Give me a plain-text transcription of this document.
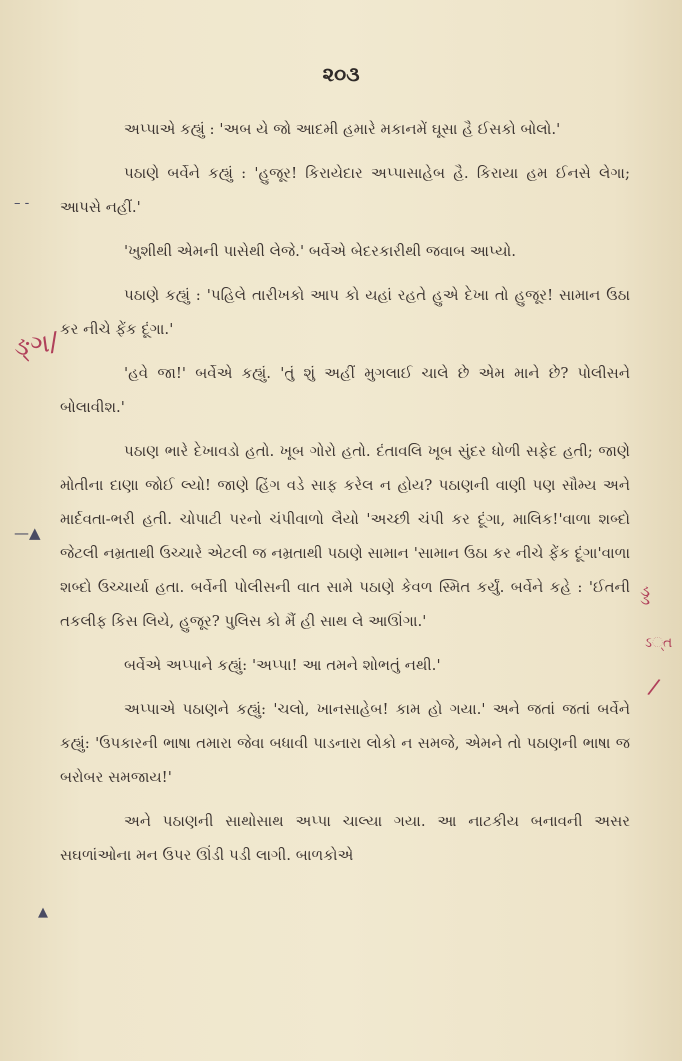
૨૦૩

અપ્પાએ કહ્યું : 'અબ યે જો આદમી હમારે મકાનમેં ઘૂસા હૈ ઈસકો બોલો.'

પઠાણે બર્વેને કહ્યું : 'હુજૂર! કિરાયેદાર અપ્પાસાહેબ હૈ. કિરાયા હમ ઈનસે લેગા; આપસે નહીં.'

'ખુશીથી એમની પાસેથી લેજે.' બર્વેએ બેદરકારીથી જવાબ આપ્યો.

પઠાણે કહ્યું : 'પહિલે તારીખકો આપ કો યહાં રહતે હુએ દેખા તો હુજૂર! સામાન ઉઠા કર નીચે ફેંક દૂંગા.'

'હવે જા!' બર્વેએ કહ્યું. 'તું શું અહીં મુગલાઈ ચાલે છે એમ માને છે? પોલીસને બોલાવીશ.'

પઠાણ ભારે દેખાવડો હતો. ખૂબ ગોરો હતો. દંતાવલિ ખૂબ સુંદર ધોળી સફેદ હતી; જાણે મોતીના દાણા જોઈ લ્યો! જાણે હિંગ વડે સાફ કરેલ ન હોય? પઠાણની વાણી પણ સૌમ્ય અને માર્દવતા-ભરી હતી. ચોપાટી પરનો ચંપીવાળો લૈયો 'અચ્છી ચંપી કર દૂંગા, માલિક!'વાળા શબ્દો જેટલી નમ્રતાથી ઉચ્ચારે એટલી જ નમ્રતાથી પઠાણે સામાન 'સામાન ઉઠા કર નીચે ફેંક દૂંગા'વાળા શબ્દો ઉચ્ચાર્યા હતા. બર્વેની પોલીસની વાત સામે પઠાણે કેવળ સ્મિત કર્યું. બર્વેને કહે : 'ઈતની તકલીફ કિસ લિયે, હુજૂર? પુલિસ કો મૈં હી સાથ લે આઊંગા.'

બર્વેએ અપ્પાને કહ્યું: 'અપ્પા! આ તમને શોભતું નથી.'

અપ્પાએ પઠાણને કહ્યું: 'ચલો, ખાનસાહેબ! કામ હો ગયા.' અને જતાં જતાં બર્વેને કહ્યું: 'ઉપકારની ભાષા તમારા જેવા બધાવી પાડનારા લોકો ન સમજે, એમને તો પઠાણની ભાષા જ બરોબર સમજાય!'

અને પઠાણની સાથોસાથ અપ્પા ચાલ્યા ગયા. આ નાટકીય બનાવની અસર સઘળાંઓના મન ઉપર ઊંડી પડી લાગી. બાળકોએ

ઙ્ગ/
ડ્ડ
ઽ્ત
/
– ‑
—▲
▲
